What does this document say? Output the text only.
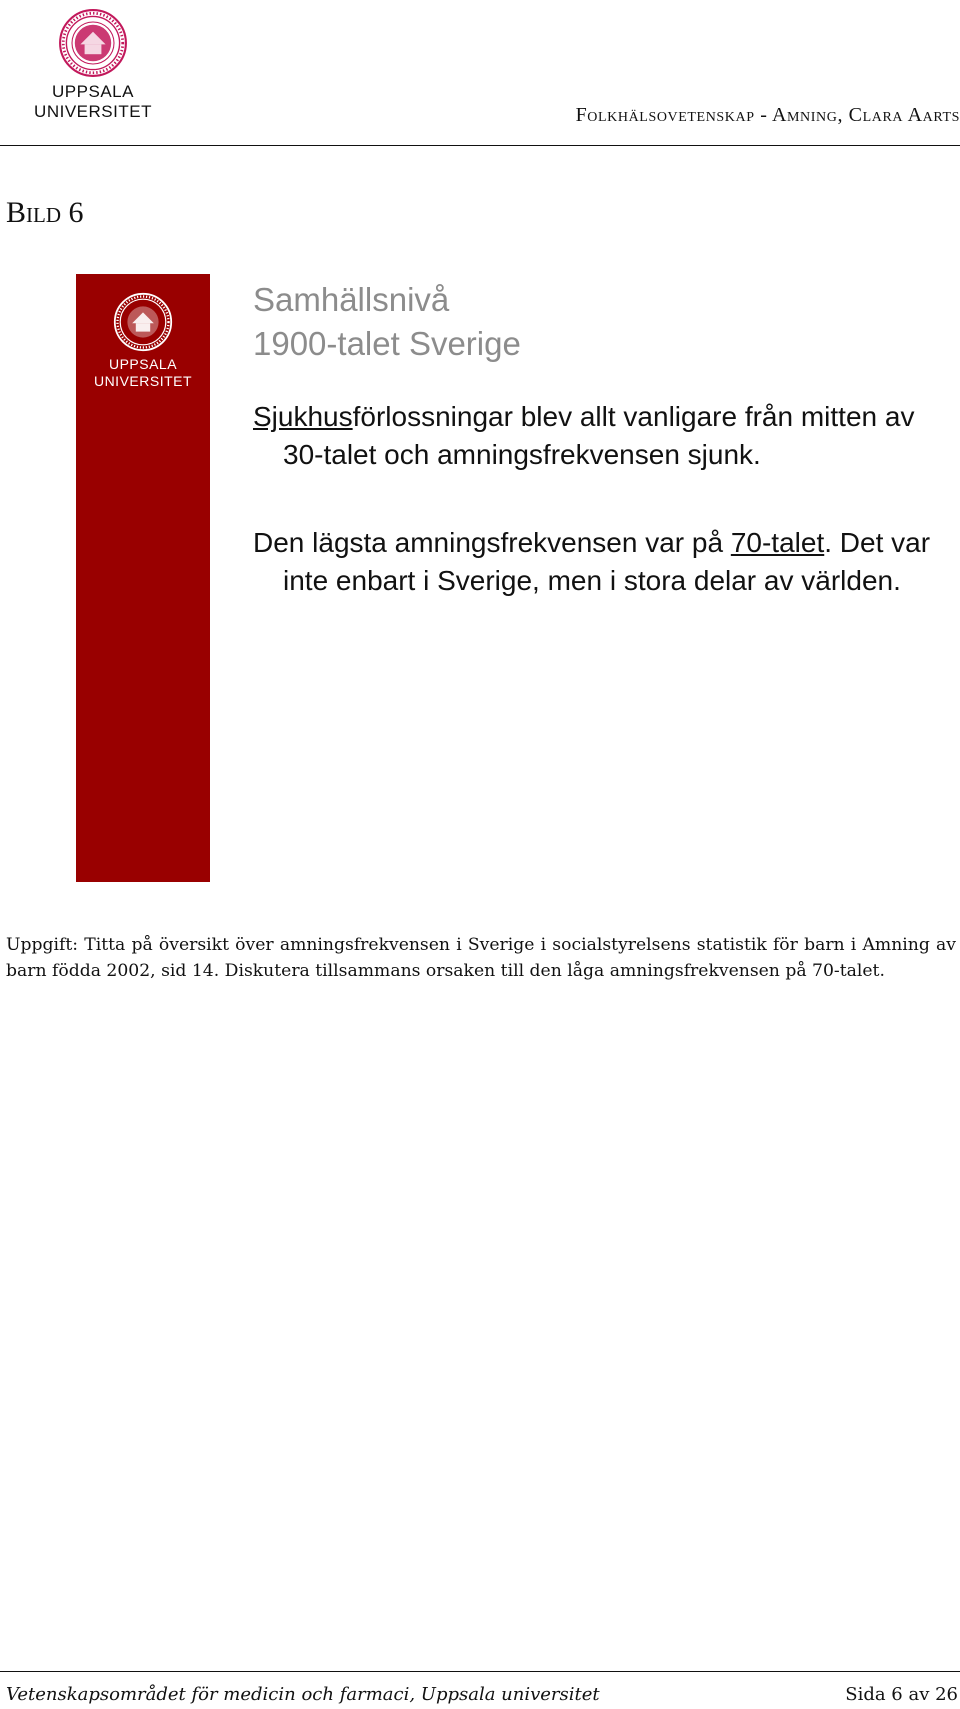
UPPSALA
UNIVERSITET	Folkhälsovetenskap - Amning, Clara Aarts
Bild 6
UPPSALA
UNIVERSITET

Samhällsnivå

1900-talet Sverige

Sjukhusförlossningar blev allt vanligare från mitten av 30-talet och amningsfrekvensen sjunk.

Den lägsta amningsfrekvensen var på 70-talet. Det var inte enbart i Sverige, men i stora delar av världen.

Uppgift: Titta på översikt över amningsfrekvensen i Sverige i socialstyrelsens statistik för barn i Amning av barn födda 2002, sid 14. Diskutera tillsammans orsaken till den låga amningsfrekvensen på 70-talet.
Vetenskapsområdet för medicin och farmaci, Uppsala universitet	Sida 6 av 26
